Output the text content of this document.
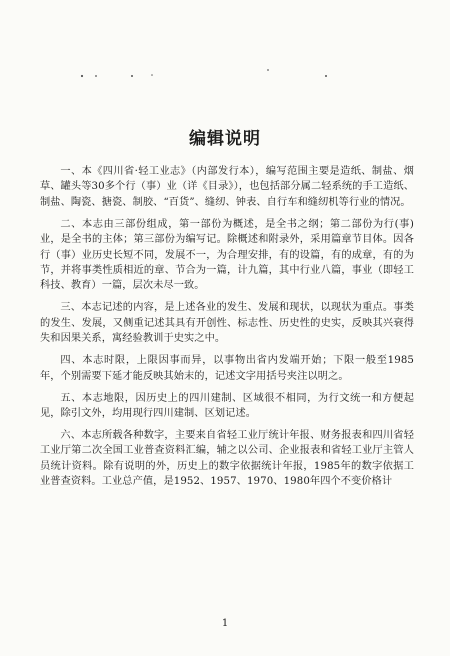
编辑说明

一、本《四川省·轻工业志》（内部发行本），编写范围主要是造纸、制盐、烟草、罐头等30多个行（事）业（详《目录》），也包括部分属二轻系统的手工造纸、制盐、陶瓷、搪瓷、制胶、“百货”、缝纫、钟表、自行车和缝纫机等行业的情况。

二、本志由三部份组成，第一部份为概述，是全书之纲；第二部份为行(事)业，是全书的主体；第三部份为编写记。除概述和附录外，采用篇章节目体。因各行（事）业历史长短不同，发展不一，为合理安排，有的设篇，有的成章，有的为节，并将事类性质相近的章、节合为一篇，计九篇，其中行业八篇，事业（即轻工科技、教育）一篇，层次未尽一致。

三、本志记述的内容，是上述各业的发生、发展和现状，以现状为重点。事类的发生、发展，又侧重记述其具有开创性、标志性、历史性的史实，反映其兴衰得失和因果关系，寓经验教训于史实之中。

四、本志时限，上限因事而异，以事物出省内发端开始；下限一般至1985年，个别需要下延才能反映其始末的，记述文字用括号夹注以明之。

五、本志地限，因历史上的四川建制、区域很不相同，为行文统一和方便起见，除引文外，均用现行四川建制、区划记述。

六、本志所载各种数字，主要来自省轻工业厅统计年报、财务报表和四川省轻工业厅第二次全国工业普查资料汇编，辅之以公司、企业报表和省轻工业厅主管人员统计资料。除有说明的外，历史上的数字依据统计年报，1985年的数字依据工业普查资料。工业总产值，是1952、1957、1970、1980年四个不变价格计

1
